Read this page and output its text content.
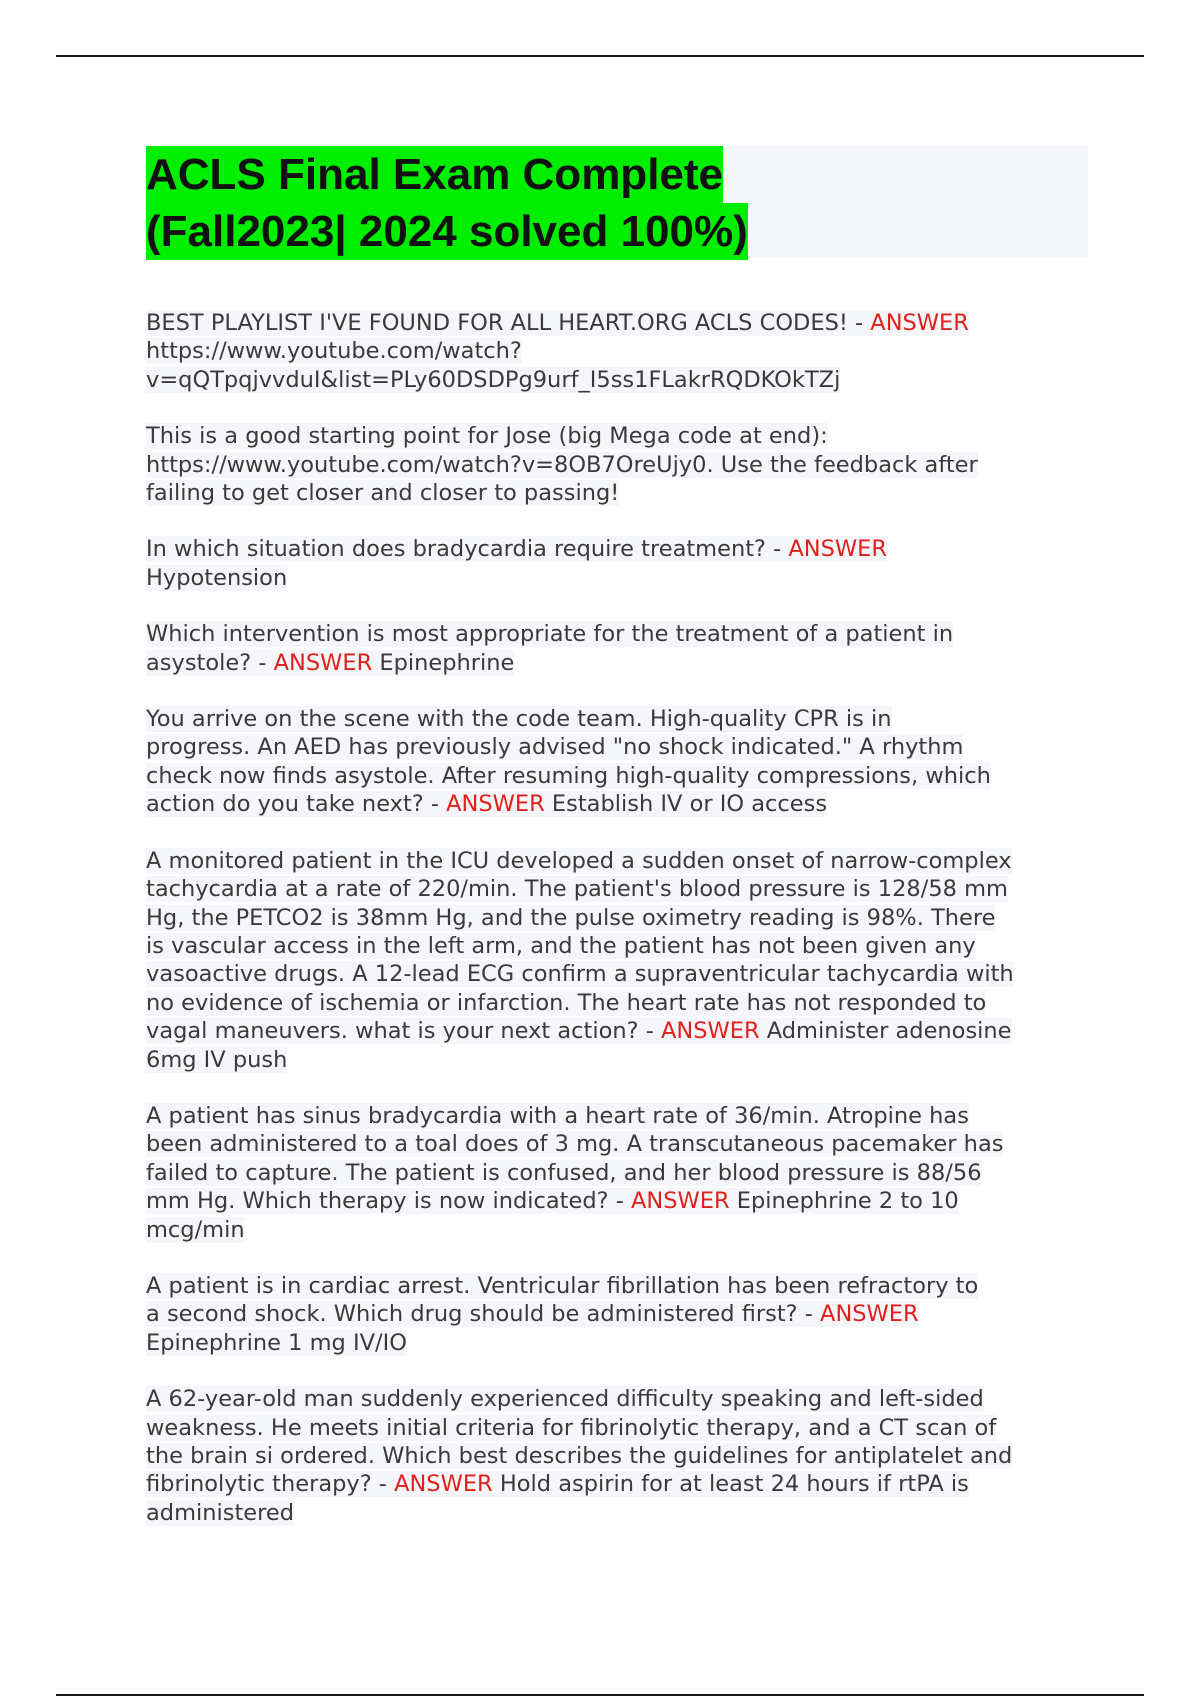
ACLS Final Exam Complete
(Fall2023| 2024 solved 100%)
BEST PLAYLIST I'VE FOUND FOR ALL HEART.ORG ACLS CODES! - ANSWER
https://www.youtube.com/watch?
v=qQTpqjvvduI&list=PLy60DSDPg9urf_I5ss1FLakrRQDKOkTZj
This is a good starting point for Jose (big Mega code at end):
https://www.youtube.com/watch?v=8OB7OreUjy0. Use the feedback after
failing to get closer and closer to passing!
In which situation does bradycardia require treatment? - ANSWER
Hypotension
Which intervention is most appropriate for the treatment of a patient in
asystole? - ANSWER Epinephrine
You arrive on the scene with the code team. High-quality CPR is in
progress. An AED has previously advised "no shock indicated." A rhythm
check now finds asystole. After resuming high-quality compressions, which
action do you take next? - ANSWER Establish IV or IO access
A monitored patient in the ICU developed a sudden onset of narrow-complex
tachycardia at a rate of 220/min. The patient's blood pressure is 128/58 mm
Hg, the PETCO2 is 38mm Hg, and the pulse oximetry reading is 98%. There
is vascular access in the left arm, and the patient has not been given any
vasoactive drugs. A 12-lead ECG confirm a supraventricular tachycardia with
no evidence of ischemia or infarction. The heart rate has not responded to
vagal maneuvers. what is your next action? - ANSWER Administer adenosine
6mg IV push
A patient has sinus bradycardia with a heart rate of 36/min. Atropine has
been administered to a toal does of 3 mg. A transcutaneous pacemaker has
failed to capture. The patient is confused, and her blood pressure is 88/56
mm Hg. Which therapy is now indicated? - ANSWER Epinephrine 2 to 10
mcg/min
A patient is in cardiac arrest. Ventricular fibrillation has been refractory to
a second shock. Which drug should be administered first? - ANSWER
Epinephrine 1 mg IV/IO
A 62-year-old man suddenly experienced difficulty speaking and left-sided
weakness. He meets initial criteria for fibrinolytic therapy, and a CT scan of
the brain si ordered. Which best describes the guidelines for antiplatelet and
fibrinolytic therapy? - ANSWER Hold aspirin for at least 24 hours if rtPA is
administered
